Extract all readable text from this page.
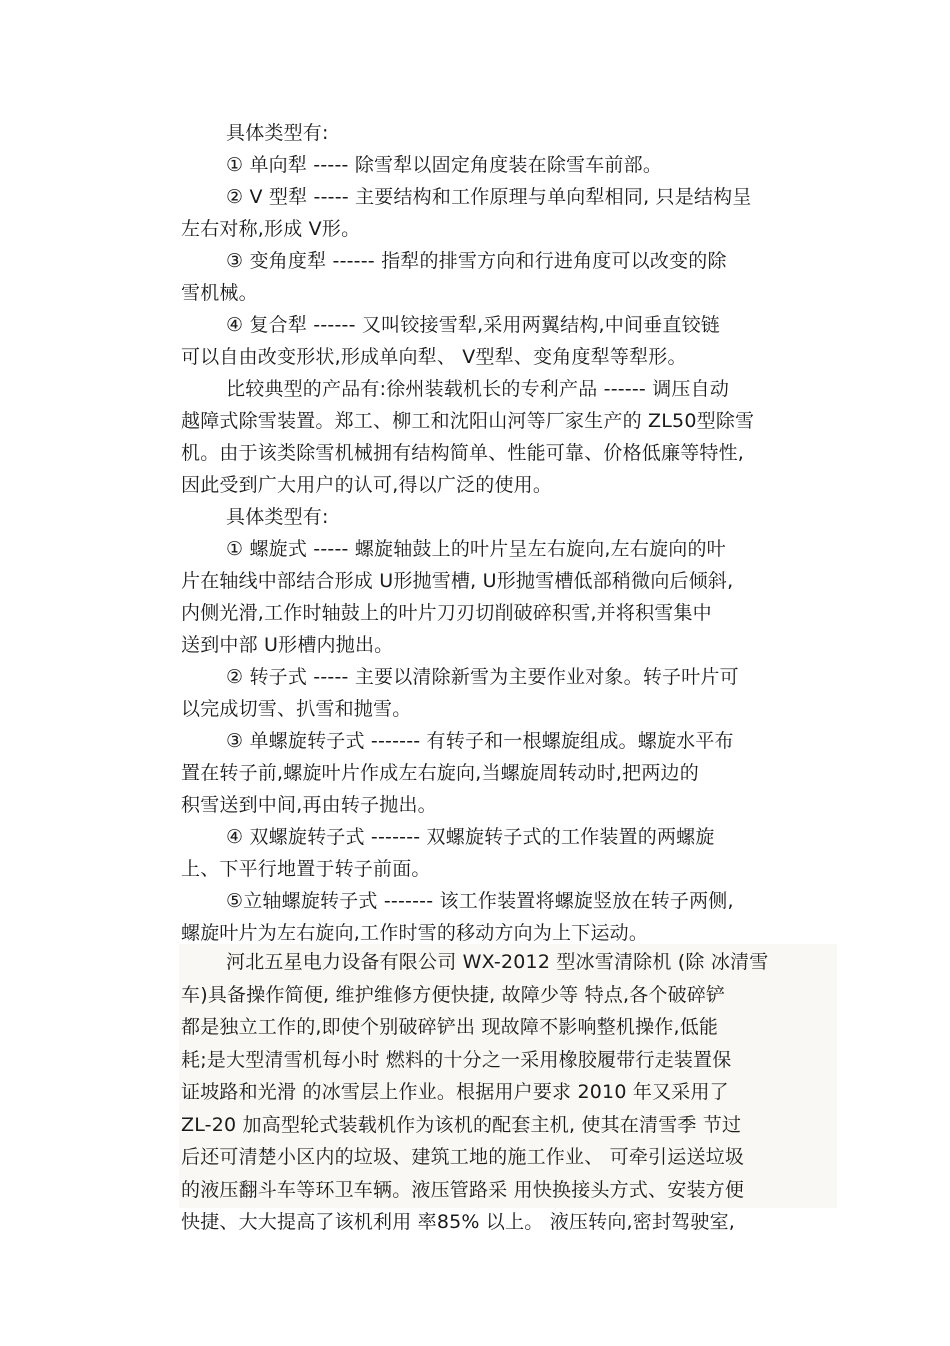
具体类型有:
① 单向犁 ----- 除雪犁以固定角度装在除雪车前部。
② V 型犁 ----- 主要结构和工作原理与单向犁相同, 只是结构呈
左右对称,形成 V形。
③ 变角度犁 ------ 指犁的排雪方向和行进角度可以改变的除
雪机械。
④ 复合犁 ------ 又叫铰接雪犁,采用两翼结构,中间垂直铰链
可以自由改变形状,形成单向犁、 V型犁、变角度犁等犁形。
比较典型的产品有:徐州装载机长的专利产品 ------ 调压自动
越障式除雪装置。郑工、柳工和沈阳山河等厂家生产的 ZL50型除雪
机。由于该类除雪机械拥有结构简单、性能可靠、价格低廉等特性,
因此受到广大用户的认可,得以广泛的使用。
具体类型有:
① 螺旋式 ----- 螺旋轴鼓上的叶片呈左右旋向,左右旋向的叶
片在轴线中部结合形成 U形抛雪槽, U形抛雪槽低部稍微向后倾斜,
内侧光滑,工作时轴鼓上的叶片刀刃切削破碎积雪,并将积雪集中
送到中部 U形槽内抛出。
② 转子式 ----- 主要以清除新雪为主要作业对象。转子叶片可
以完成切雪、扒雪和抛雪。
③ 单螺旋转子式 ------- 有转子和一根螺旋组成。螺旋水平布
置在转子前,螺旋叶片作成左右旋向,当螺旋周转动时,把两边的
积雪送到中间,再由转子抛出。
④ 双螺旋转子式 ------- 双螺旋转子式的工作装置的两螺旋
上、下平行地置于转子前面。
⑤立轴螺旋转子式 ------- 该工作装置将螺旋竖放在转子两侧,
螺旋叶片为左右旋向,工作时雪的移动方向为上下运动。
河北五星电力设备有限公司 WX-2012 型冰雪清除机 (除 冰清雪
车)具备操作简便, 维护维修方便快捷, 故障少等 特点,各个破碎铲
都是独立工作的,即使个别破碎铲出 现故障不影响整机操作,低能
耗;是大型清雪机每小时 燃料的十分之一采用橡胶履带行走装置保
证坡路和光滑 的冰雪层上作业。根据用户要求 2010 年又采用了
ZL-20 加高型轮式装载机作为该机的配套主机, 使其在清雪季 节过
后还可清楚小区内的垃圾、建筑工地的施工作业、 可牵引运送垃圾
的液压翻斗车等环卫车辆。液压管路采 用快换接头方式、安装方便
快捷、大大提高了该机利用 率85% 以上。 液压转向,密封驾驶室,
